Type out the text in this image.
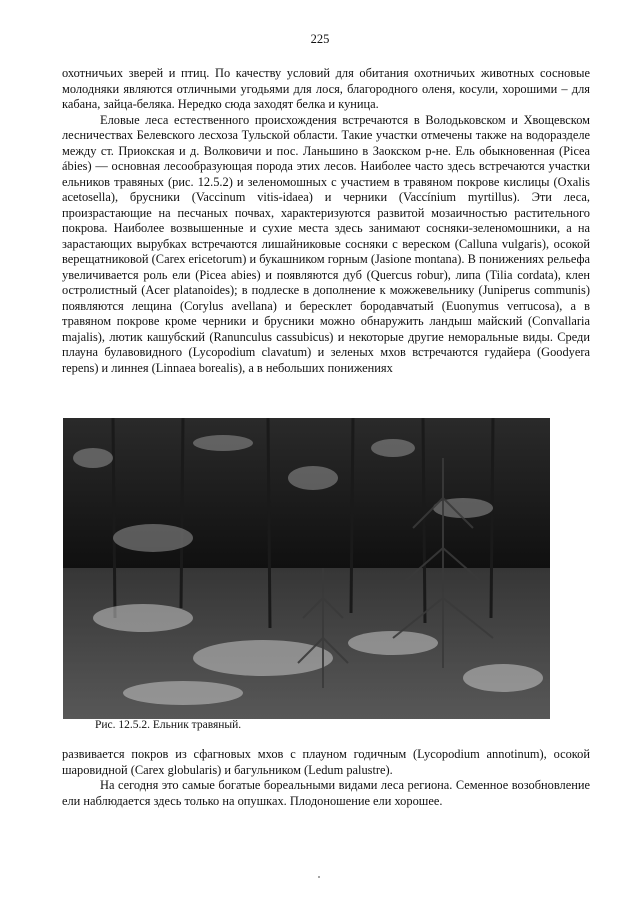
225

охотничьих зверей и птиц. По качеству условий для обитания охотничьих животных сосновые молодняки являются отличными угодьями для лося, благородного оленя, косули, хорошими – для кабана, зайца-беляка. Нередко сюда заходят белка и куница.

Еловые леса естественного происхождения встречаются в Володьковском и Хвощевском лесничествах Белевского лесхоза Тульской области. Такие участки отмечены также на водоразделе между ст. Приокская и д. Волковичи и пос. Ланьшино в Заокском р-не. Ель обыкновенная (Picea ábies) — основная лесообразующая порода этих лесов. Наиболее часто здесь встречаются участки ельников травяных (рис. 12.5.2) и зеленомошных с участием в травяном покрове кислицы (Oxalis acetosella), брусники (Vaccinum vitis-idaea) и черники (Vaccínium myrtillus). Эти леса, произрастающие на песчаных почвах, характеризуются развитой мозаичностью растительного покрова. Наиболее возвышенные и сухие места здесь занимают сосняки-зеленомошники, а на зарастающих вырубках встречаются лишайниковые сосняки с вереском (Calluna vulgaris), осокой верещатниковой (Carex ericetorum) и букашником горным (Jasione montana). В понижениях рельефа увеличивается роль ели (Picea abies) и появляются дуб (Quercus robur), липа (Tilia cordata), клен остролистный (Acer platanoides); в подлеске в дополнение к можжевельнику (Juniperus communis) появляются лещина (Corylus avellana) и бересклет бородавчатый (Euonymus verrucosa), а в травяном покрове кроме черники и брусники можно обнаружить ландыш майский (Convallaria majalis), лютик кашубский (Ranunculus cassubicus) и некоторые другие неморальные виды. Среди плауна булавовидного (Lycopodium clavatum) и зеленых мхов встречаются гудайера (Goodyera repens) и линнея (Linnaea borealis), а в небольших понижениях

Рис. 12.5.2. Ельник травяный.

развивается покров из сфагновых мхов с плауном годичным (Lycopodium annotinum), осокой шаровидной (Carex globularis) и багульником (Ledum palustre).

На сегодня это самые богатые бореальными видами леса региона. Семенное возобновление ели наблюдается здесь только на опушках. Плодоношение ели хорошее.
